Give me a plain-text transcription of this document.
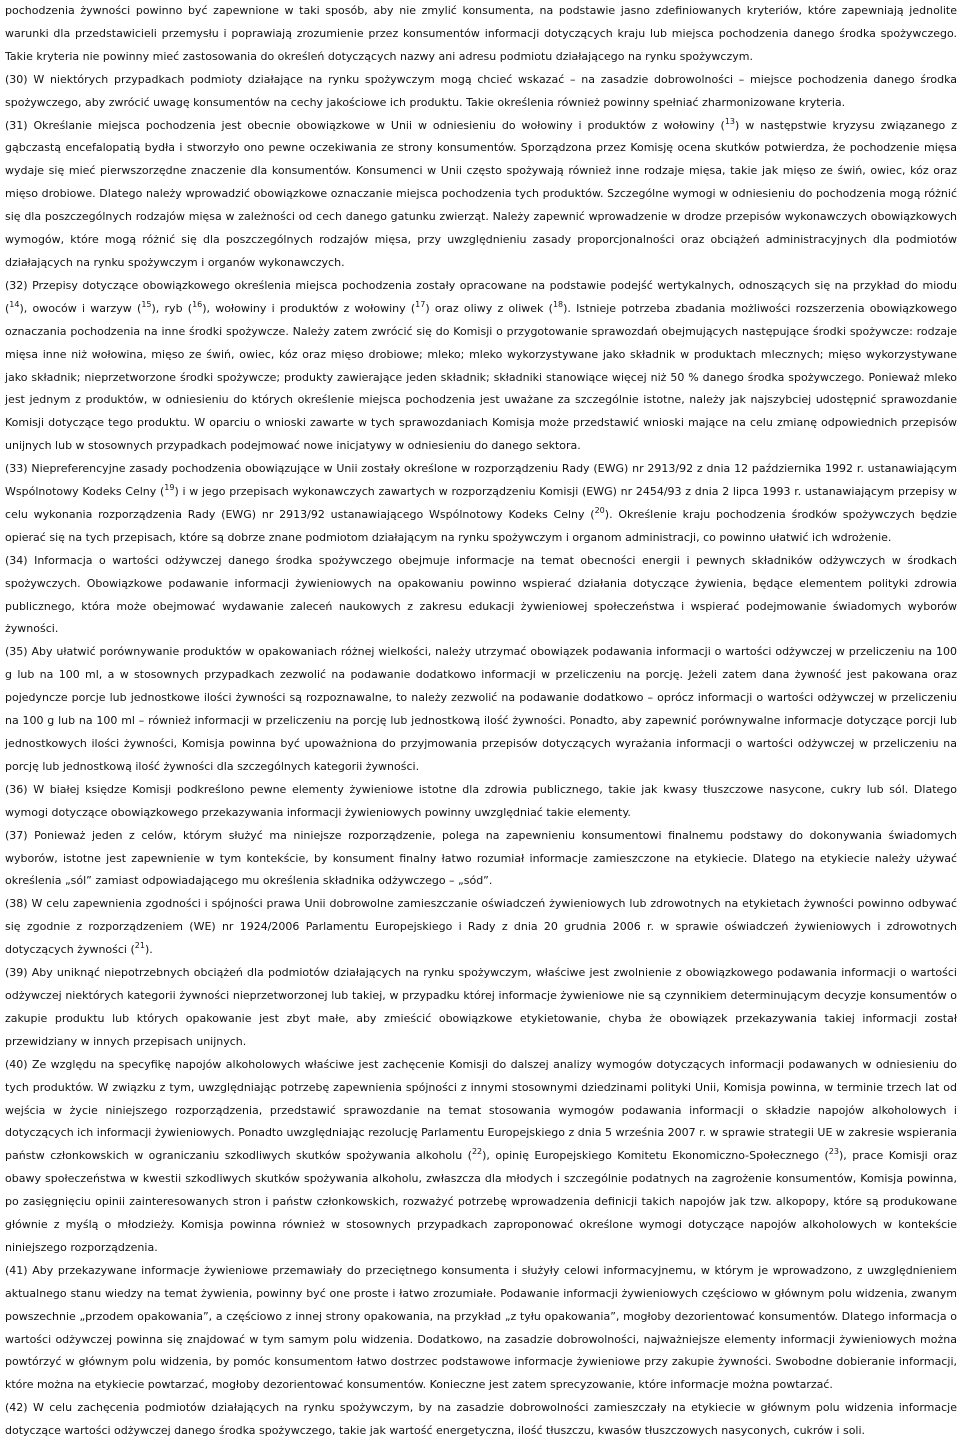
pochodzenia żywności powinno być zapewnione w taki sposób, aby nie zmylić konsumenta, na podstawie jasno zdefiniowanych kryteriów, które zapewniają jednolite warunki dla przedstawicieli przemysłu i poprawiają zrozumienie przez konsumentów informacji dotyczących kraju lub miejsca pochodzenia danego środka spożywczego. Takie kryteria nie powinny mieć zastosowania do określeń dotyczących nazwy ani adresu podmiotu działającego na rynku spożywczym.

(30) W niektórych przypadkach podmioty działające na rynku spożywczym mogą chcieć wskazać – na zasadzie dobrowolności – miejsce pochodzenia danego środka spożywczego, aby zwrócić uwagę konsumentów na cechy jakościowe ich produktu. Takie określenia również powinny spełniać zharmonizowane kryteria.

(31) Określanie miejsca pochodzenia jest obecnie obowiązkowe w Unii w odniesieniu do wołowiny i produktów z wołowiny ($^{13}$) w następstwie kryzysu związanego z gąbczastą encefalopatią bydła i stworzyło ono pewne oczekiwania ze strony konsumentów. Sporządzona przez Komisję ocena skutków potwierdza, że pochodzenie mięsa wydaje się mieć pierwszorzędne znaczenie dla konsumentów. Konsumenci w Unii często spożywają również inne rodzaje mięsa, takie jak mięso ze świń, owiec, kóz oraz mięso drobiowe. Dlatego należy wprowadzić obowiązkowe oznaczanie miejsca pochodzenia tych produktów. Szczególne wymogi w odniesieniu do pochodzenia mogą różnić się dla poszczególnych rodzajów mięsa w zależności od cech danego gatunku zwierząt. Należy zapewnić wprowadzenie w drodze przepisów wykonawczych obowiązkowych wymogów, które mogą różnić się dla poszczególnych rodzajów mięsa, przy uwzględnieniu zasady proporcjonalności oraz obciążeń administracyjnych dla podmiotów działających na rynku spożywczym i organów wykonawczych.

(32) Przepisy dotyczące obowiązkowego określenia miejsca pochodzenia zostały opracowane na podstawie podejść wertykalnych, odnoszących się na przykład do miodu ($^{14}$), owoców i warzyw ($^{15}$), ryb ($^{16}$), wołowiny i produktów z wołowiny ($^{17}$) oraz oliwy z oliwek ($^{18}$). Istnieje potrzeba zbadania możliwości rozszerzenia obowiązkowego oznaczania pochodzenia na inne środki spożywcze. Należy zatem zwrócić się do Komisji o przygotowanie sprawozdań obejmujących następujące środki spożywcze: rodzaje mięsa inne niż wołowina, mięso ze świń, owiec, kóz oraz mięso drobiowe; mleko; mleko wykorzystywane jako składnik w produktach mlecznych; mięso wykorzystywane jako składnik; nieprzetworzone środki spożywcze; produkty zawierające jeden składnik; składniki stanowiące więcej niż 50 % danego środka spożywczego. Ponieważ mleko jest jednym z produktów, w odniesieniu do których określenie miejsca pochodzenia jest uważane za szczególnie istotne, należy jak najszybciej udostępnić sprawozdanie Komisji dotyczące tego produktu. W oparciu o wnioski zawarte w tych sprawozdaniach Komisja może przedstawić wnioski mające na celu zmianę odpowiednich przepisów unijnych lub w stosownych przypadkach podejmować nowe inicjatywy w odniesieniu do danego sektora.

(33) Niepreferencyjne zasady pochodzenia obowiązujące w Unii zostały określone w rozporządzeniu Rady (EWG) nr 2913/92 z dnia 12 października 1992 r. ustanawiającym Wspólnotowy Kodeks Celny ($^{19}$) i w jego przepisach wykonawczych zawartych w rozporządzeniu Komisji (EWG) nr 2454/93 z dnia 2 lipca 1993 r. ustanawiającym przepisy w celu wykonania rozporządzenia Rady (EWG) nr 2913/92 ustanawiającego Wspólnotowy Kodeks Celny ($^{20}$). Określenie kraju pochodzenia środków spożywczych będzie opierać się na tych przepisach, które są dobrze znane podmiotom działającym na rynku spożywczym i organom administracji, co powinno ułatwić ich wdrożenie.

(34) Informacja o wartości odżywczej danego środka spożywczego obejmuje informacje na temat obecności energii i pewnych składników odżywczych w środkach spożywczych. Obowiązkowe podawanie informacji żywieniowych na opakowaniu powinno wspierać działania dotyczące żywienia, będące elementem polityki zdrowia publicznego, która może obejmować wydawanie zaleceń naukowych z zakresu edukacji żywieniowej społeczeństwa i wspierać podejmowanie świadomych wyborów żywności.

(35) Aby ułatwić porównywanie produktów w opakowaniach różnej wielkości, należy utrzymać obowiązek podawania informacji o wartości odżywczej w przeliczeniu na 100 g lub na 100 ml, a w stosownych przypadkach zezwolić na podawanie dodatkowo informacji w przeliczeniu na porcję. Jeżeli zatem dana żywność jest pakowana oraz pojedyncze porcje lub jednostkowe ilości żywności są rozpoznawalne, to należy zezwolić na podawanie dodatkowo – oprócz informacji o wartości odżywczej w przeliczeniu na 100 g lub na 100 ml – również informacji w przeliczeniu na porcję lub jednostkową ilość żywności. Ponadto, aby zapewnić porównywalne informacje dotyczące porcji lub jednostkowych ilości żywności, Komisja powinna być upoważniona do przyjmowania przepisów dotyczących wyrażania informacji o wartości odżywczej w przeliczeniu na porcję lub jednostkową ilość żywności dla szczególnych kategorii żywności.

(36) W białej księdze Komisji podkreślono pewne elementy żywieniowe istotne dla zdrowia publicznego, takie jak kwasy tłuszczowe nasycone, cukry lub sól. Dlatego wymogi dotyczące obowiązkowego przekazywania informacji żywieniowych powinny uwzględniać takie elementy.

(37) Ponieważ jeden z celów, którym służyć ma niniejsze rozporządzenie, polega na zapewnieniu konsumentowi finalnemu podstawy do dokonywania świadomych wyborów, istotne jest zapewnienie w tym kontekście, by konsument finalny łatwo rozumiał informacje zamieszczone na etykiecie. Dlatego na etykiecie należy używać określenia „sól” zamiast odpowiadającego mu określenia składnika odżywczego – „sód”.

(38) W celu zapewnienia zgodności i spójności prawa Unii dobrowolne zamieszczanie oświadczeń żywieniowych lub zdrowotnych na etykietach żywności powinno odbywać się zgodnie z rozporządzeniem (WE) nr 1924/2006 Parlamentu Europejskiego i Rady z dnia 20 grudnia 2006 r. w sprawie oświadczeń żywieniowych i zdrowotnych dotyczących żywności ($^{21}$).

(39) Aby uniknąć niepotrzebnych obciążeń dla podmiotów działających na rynku spożywczym, właściwe jest zwolnienie z obowiązkowego podawania informacji o wartości odżywczej niektórych kategorii żywności nieprzetworzonej lub takiej, w przypadku której informacje żywieniowe nie są czynnikiem determinującym decyzje konsumentów o zakupie produktu lub których opakowanie jest zbyt małe, aby zmieścić obowiązkowe etykietowanie, chyba że obowiązek przekazywania takiej informacji został przewidziany w innych przepisach unijnych.

(40) Ze względu na specyfikę napojów alkoholowych właściwe jest zachęcenie Komisji do dalszej analizy wymogów dotyczących informacji podawanych w odniesieniu do tych produktów. W związku z tym, uwzględniając potrzebę zapewnienia spójności z innymi stosownymi dziedzinami polityki Unii, Komisja powinna, w terminie trzech lat od wejścia w życie niniejszego rozporządzenia, przedstawić sprawozdanie na temat stosowania wymogów podawania informacji o składzie napojów alkoholowych i dotyczących ich informacji żywieniowych. Ponadto uwzględniając rezolucję Parlamentu Europejskiego z dnia 5 września 2007 r. w sprawie strategii UE w zakresie wspierania państw członkowskich w ograniczaniu szkodliwych skutków spożywania alkoholu ($^{22}$), opinię Europejskiego Komitetu Ekonomiczno-Społecznego ($^{23}$), prace Komisji oraz obawy społeczeństwa w kwestii szkodliwych skutków spożywania alkoholu, zwłaszcza dla młodych i szczególnie podatnych na zagrożenie konsumentów, Komisja powinna, po zasięgnięciu opinii zainteresowanych stron i państw członkowskich, rozważyć potrzebę wprowadzenia definicji takich napojów jak tzw. alkopopy, które są produkowane głównie z myślą o młodzieży. Komisja powinna również w stosownych przypadkach zaproponować określone wymogi dotyczące napojów alkoholowych w kontekście niniejszego rozporządzenia.

(41) Aby przekazywane informacje żywieniowe przemawiały do przeciętnego konsumenta i służyły celowi informacyjnemu, w którym je wprowadzono, z uwzględnieniem aktualnego stanu wiedzy na temat żywienia, powinny być one proste i łatwo zrozumiałe. Podawanie informacji żywieniowych częściowo w głównym polu widzenia, zwanym powszechnie „przodem opakowania”, a częściowo z innej strony opakowania, na przykład „z tyłu opakowania”, mogłoby dezorientować konsumentów. Dlatego informacja o wartości odżywczej powinna się znajdować w tym samym polu widzenia. Dodatkowo, na zasadzie dobrowolności, najważniejsze elementy informacji żywieniowych można powtórzyć w głównym polu widzenia, by pomóc konsumentom łatwo dostrzec podstawowe informacje żywieniowe przy zakupie żywności. Swobodne dobieranie informacji, które można na etykiecie powtarzać, mogłoby dezorientować konsumentów. Konieczne jest zatem sprecyzowanie, które informacje można powtarzać.

(42) W celu zachęcenia podmiotów działających na rynku spożywczym, by na zasadzie dobrowolności zamieszczały na etykiecie w głównym polu widzenia informacje dotyczące wartości odżywczej danego środka spożywczego, takie jak wartość energetyczna, ilość tłuszczu, kwasów tłuszczowych nasyconych, cukrów i soli.
